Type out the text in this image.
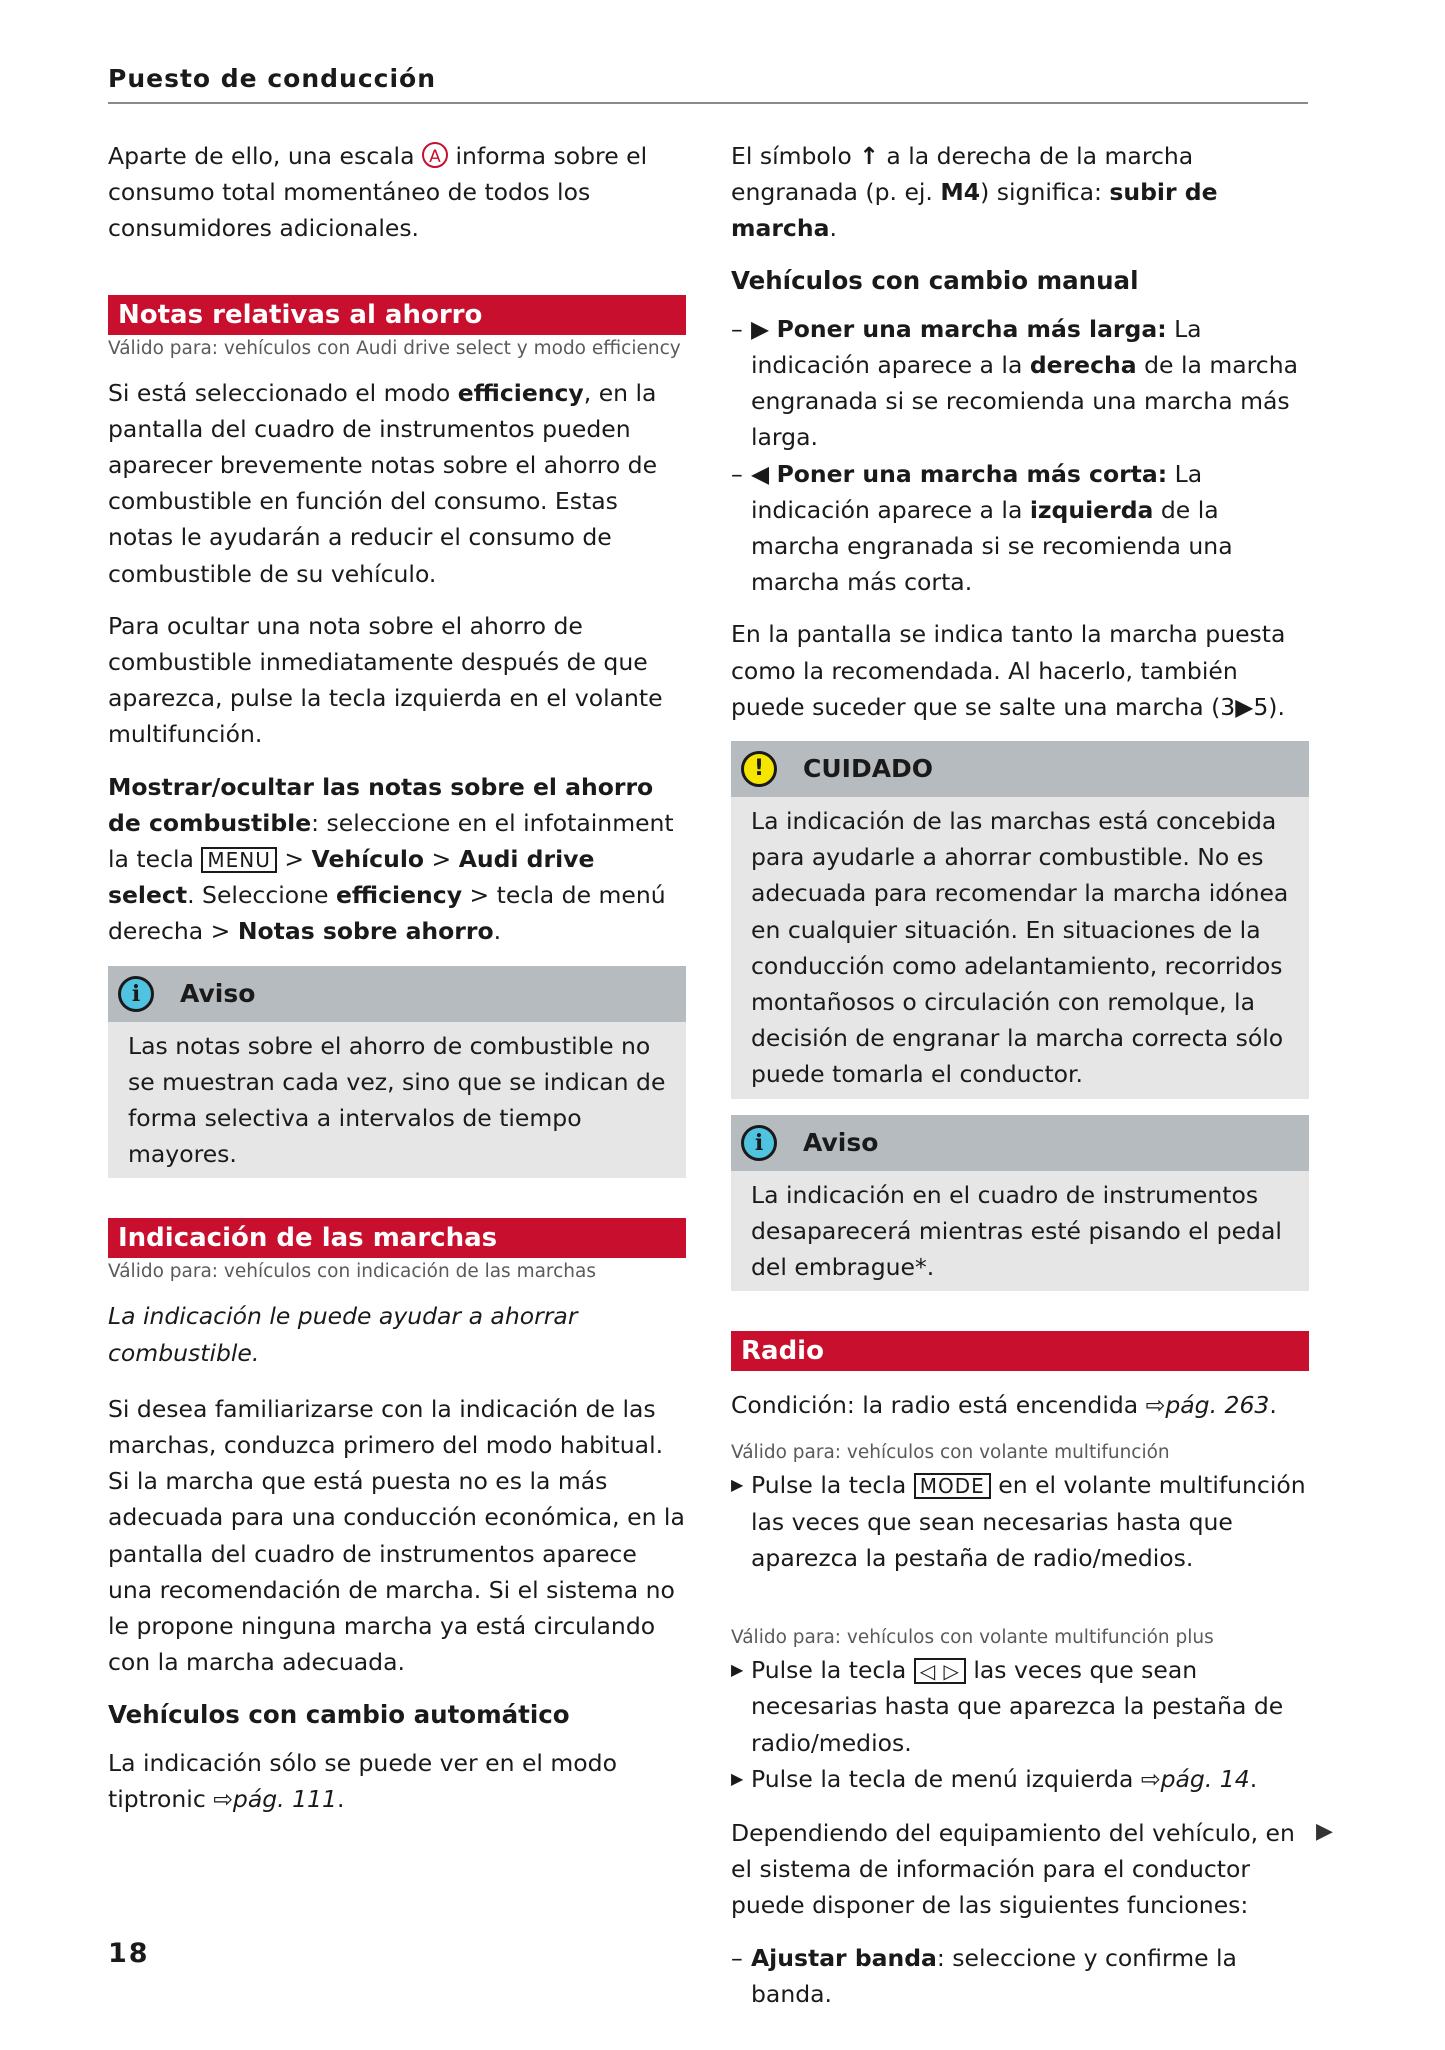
Puesto de conducción

Aparte de ello, una escala A informa sobre el consumo total momentáneo de todos los consumidores adicionales.

Notas relativas al ahorro
Válido para: vehículos con Audi drive select y modo efficiency

Si está seleccionado el modo efficiency, en la pantalla del cuadro de instrumentos pueden aparecer brevemente notas sobre el ahorro de combustible en función del consumo. Estas notas le ayudarán a reducir el consumo de combustible de su vehículo.

Para ocultar una nota sobre el ahorro de combustible inmediatamente después de que aparezca, pulse la tecla izquierda en el volante multifunción.

Mostrar/ocultar las notas sobre el ahorro de combustible: seleccione en el infotainment la tecla MENU > Vehículo > Audi drive select. Seleccione efficiency > tecla de menú derecha > Notas sobre ahorro.

i	Aviso
Las notas sobre el ahorro de combustible no se muestran cada vez, sino que se indican de forma selectiva a intervalos de tiempo mayores.
Indicación de las marchas
Válido para: vehículos con indicación de las marchas

La indicación le puede ayudar a ahorrar combustible.

Si desea familiarizarse con la indicación de las marchas, conduzca primero del modo habitual. Si la marcha que está puesta no es la más adecuada para una conducción económica, en la pantalla del cuadro de instrumentos aparece una recomendación de marcha. Si el sistema no le propone ninguna marcha ya está circulando con la marcha adecuada.

Vehículos con cambio automático

La indicación sólo se puede ver en el modo tiptronic ⇨pág. 111.

El símbolo ↑ a la derecha de la marcha engranada (p. ej. M4) significa: subir de marcha.

Vehículos con cambio manual
– ▶ Poner una marcha más larga: La indicación aparece a la derecha de la marcha engranada si se recomienda una marcha más larga.
– ◀ Poner una marcha más corta: La indicación aparece a la izquierda de la marcha engranada si se recomienda una marcha más corta.

En la pantalla se indica tanto la marcha puesta como la recomendada. Al hacerlo, también puede suceder que se salte una marcha (3▶5).

!	CUIDADO
La indicación de las marchas está concebida para ayudarle a ahorrar combustible. No es adecuada para recomendar la marcha idónea en cualquier situación. En situaciones de la conducción como adelantamiento, recorridos montañosos o circulación con remolque, la decisión de engranar la marcha correcta sólo puede tomarla el conductor.
i	Aviso
La indicación en el cuadro de instrumentos desaparecerá mientras esté pisando el pedal del embrague*.
Radio

Condición: la radio está encendida ⇨pág. 263.

Válido para: vehículos con volante multifunción
▶ Pulse la tecla MODE en el volante multifunción las veces que sean necesarias hasta que aparezca la pestaña de radio/medios.
Válido para: vehículos con volante multifunción plus
▶ Pulse la tecla ◁ ▷ las veces que sean necesarias hasta que aparezca la pestaña de radio/medios.
▶ Pulse la tecla de menú izquierda ⇨pág. 14.

Dependiendo del equipamiento del vehículo, en el sistema de información para el conductor puede disponer de las siguientes funciones:

– Ajustar banda: seleccione y confirme la banda.
▶
18
